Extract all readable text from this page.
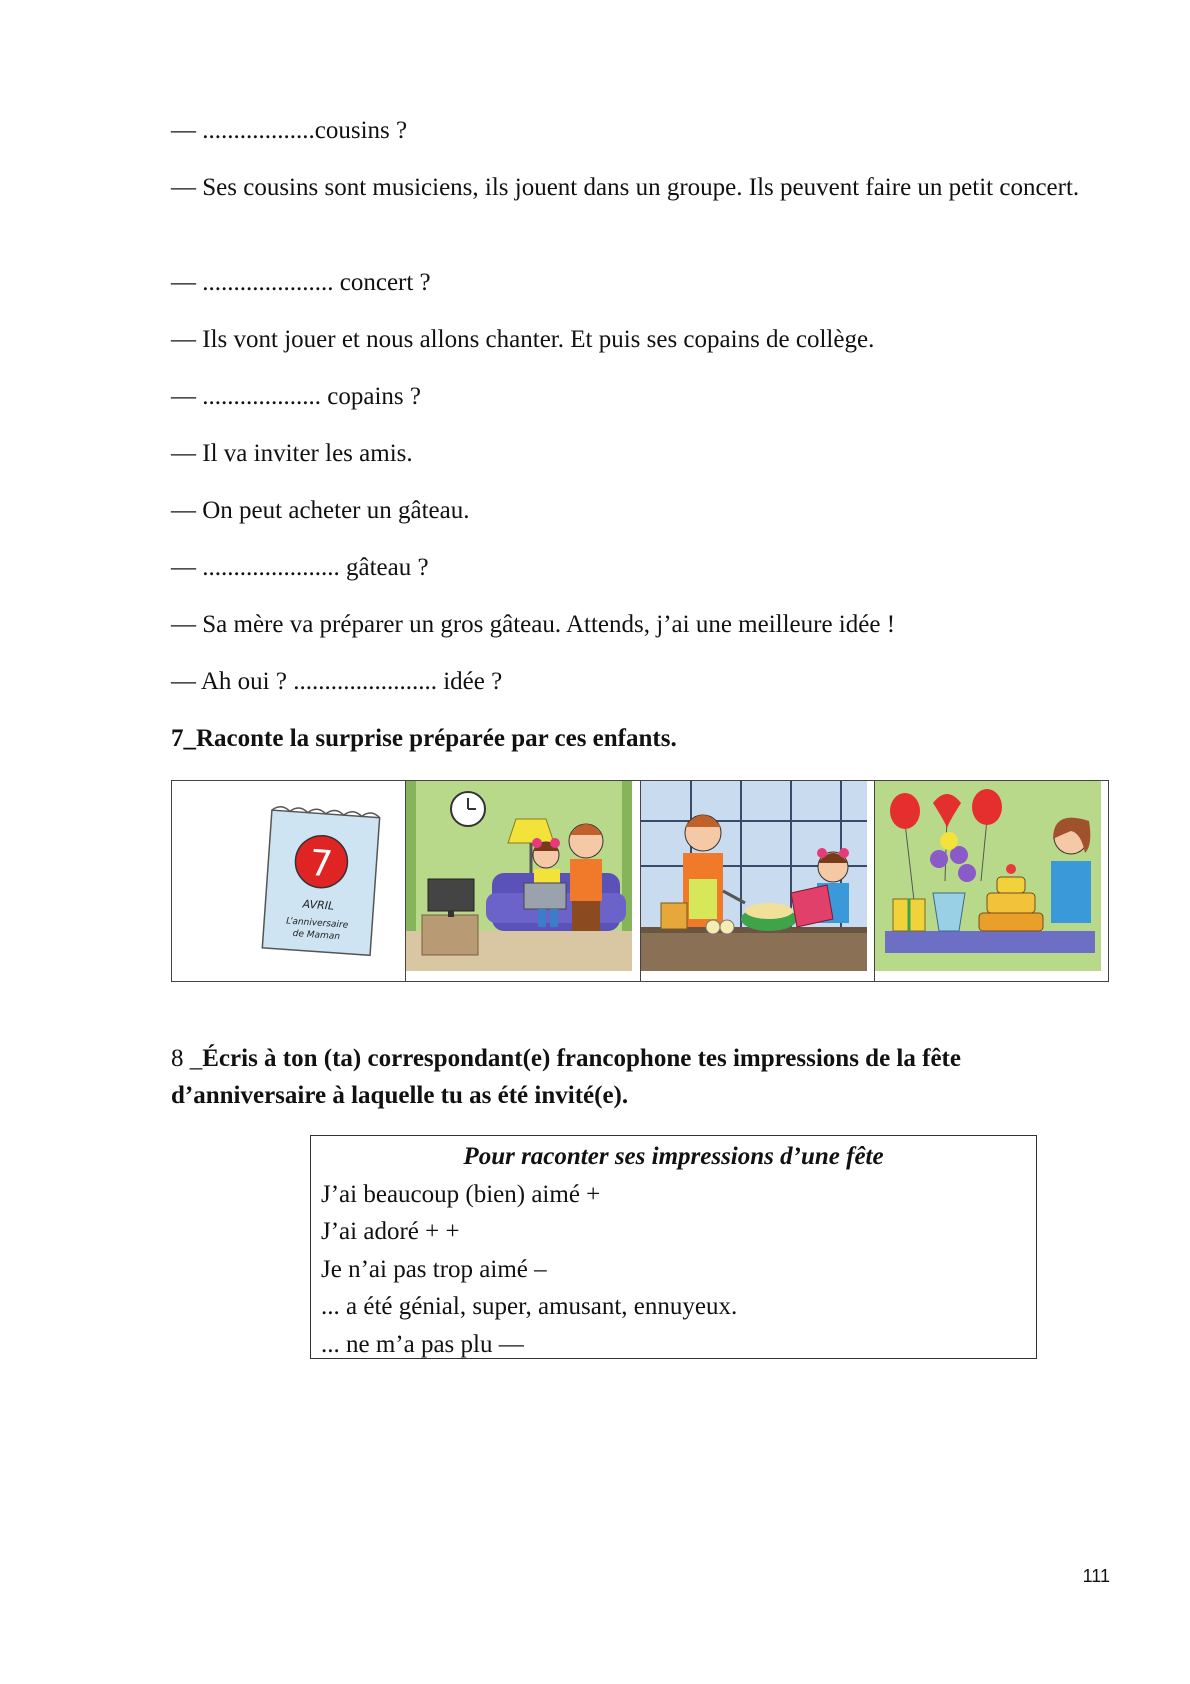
— ..................cousins ?
— Ses cousins sont musiciens, ils jouent dans un groupe. Ils peuvent faire un petit concert.
— ..................... concert ?
— Ils vont jouer et nous allons chanter. Et puis ses copains de collège.
— ................... copains ?
— Il va inviter les amis.
— On peut acheter un gâteau.
— ...................... gâteau ?
— Sa mère va préparer un gros gâteau. Attends, j’ai une meilleure idée !
— Ah oui ? ....................... idée ?
7_Raconte la surprise préparée par ces enfants.
7
AVRIL
L’anniversaire
de Maman
8 _Écris à ton (ta) correspondant(e) francophone tes impressions de la fête d’anniversaire à laquelle tu as été invité(e).
Pour raconter ses impressions d’une fête
J’ai beaucoup (bien) aimé +
J’ai adoré + +
Je n’ai pas trop aimé –
... a été génial, super, amusant, ennuyeux.
... ne m’a pas plu —
111
